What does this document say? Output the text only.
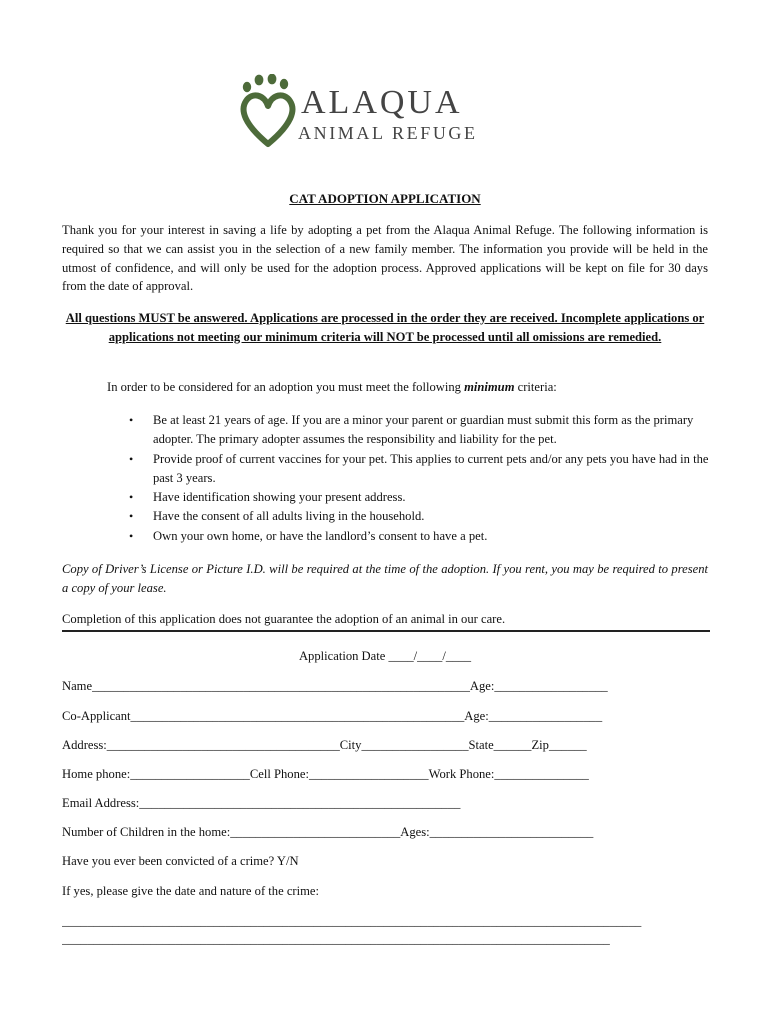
ALAQUA
ANIMAL REFUGE
CAT ADOPTION APPLICATION
Thank you for your interest in saving a life by adopting a pet from the Alaqua Animal Refuge. The following information is required so that we can assist you in the selection of a new family member. The information you provide will be held in the utmost of confidence, and will only be used for the adoption process. Approved applications will be kept on file for 30 days from the date of approval.
All questions MUST be answered. Applications are processed in the order they are received. Incomplete applications or applications not meeting our minimum criteria will NOT be processed until all omissions are remedied.
In order to be considered for an adoption you must meet the following minimum criteria:
• Be at least 21 years of age. If you are a minor your parent or guardian must submit this form as the primary adopter. The primary adopter assumes the responsibility and liability for the pet.
• Provide proof of current vaccines for your pet. This applies to current pets and/or any pets you have had in the past 3 years.
• Have identification showing your present address.
• Have the consent of all adults living in the household.
• Own your own home, or have the landlord’s consent to have a pet.
Copy of Driver’s License or Picture I.D. will be required at the time of the adoption. If you rent, you may be required to present a copy of your lease.
Completion of this application does not guarantee the adoption of an animal in our care.
Application Date ____/____/____
Name____________________________________________________________Age:__________________
Co-Applicant_____________________________________________________Age:__________________
Address:_____________________________________City_________________State______Zip______
Home phone:___________________Cell Phone:___________________Work Phone:_______________
Email Address:___________________________________________________
Number of Children in the home:___________________________Ages:__________________________
Have you ever been convicted of a crime? Y/N
If yes, please give the date and nature of the crime:
____________________________________________________________________________________________
_______________________________________________________________________________________
